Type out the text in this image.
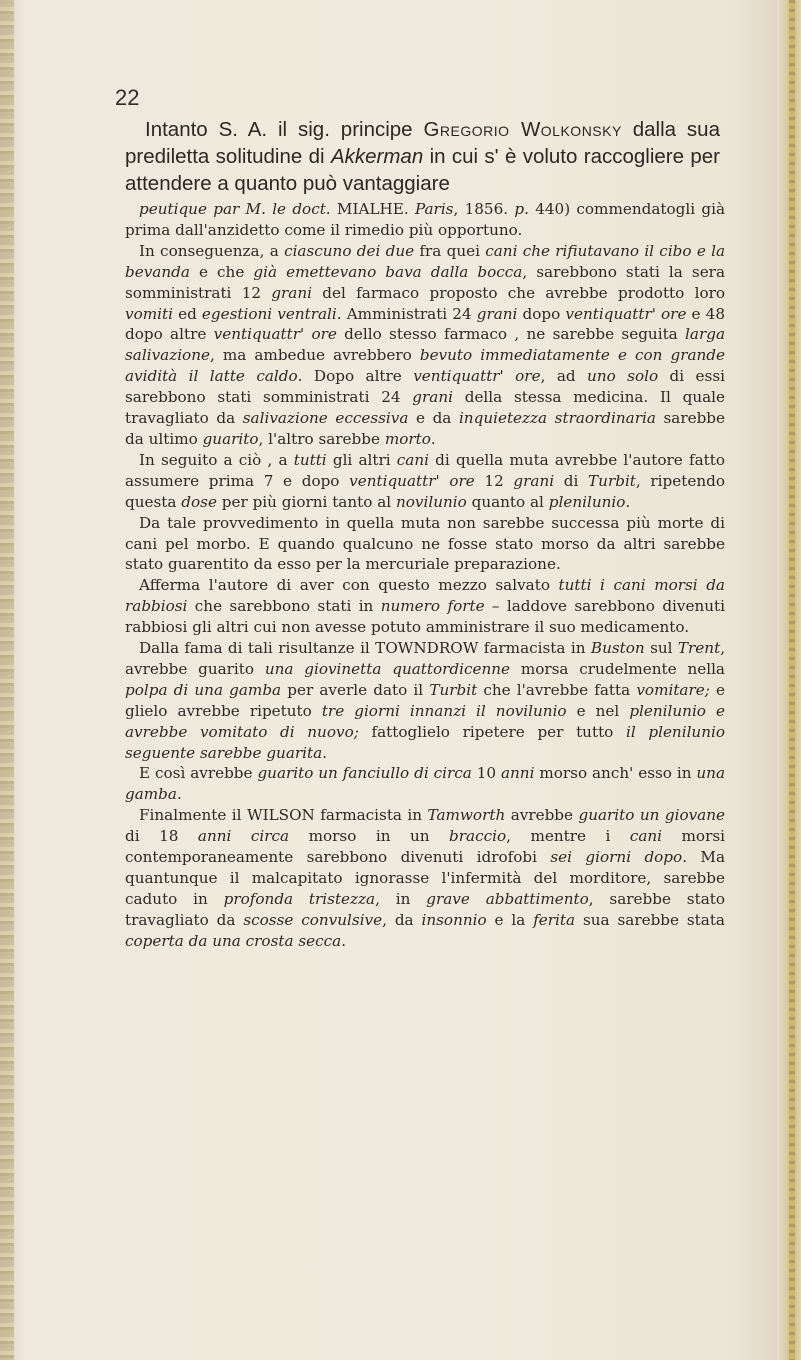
22

Intanto S. A. il sig. principe Gregorio Wolkonsky dalla sua prediletta solitudine di Akkerman in cui s' è voluto raccogliere per attendere a quanto può vantaggiare

peutique par M. le doct. MIALHE. Paris, 1856. p. 440) commendatogli già prima dall'anzidetto come il rimedio più opportuno.

In conseguenza, a ciascuno dei due fra quei cani che rifiutavano il cibo e la bevanda e che già emettevano bava dalla bocca, sarebbono stati la sera somministrati 12 grani del farmaco proposto che avrebbe prodotto loro vomiti ed egestioni ventrali. Amministrati 24 grani dopo ventiquattr' ore e 48 dopo altre ventiquattr' ore dello stesso farmaco , ne sarebbe seguita larga salivazione, ma ambedue avrebbero bevuto immediatamente e con grande avidità il latte caldo. Dopo altre ventiquattr' ore, ad uno solo di essi sarebbono stati somministrati 24 grani della stessa medicina. Il quale travagliato da salivazione eccessiva e da inquietezza straordinaria sarebbe da ultimo guarito, l'altro sarebbe morto.

In seguito a ciò , a tutti gli altri cani di quella muta avrebbe l'autore fatto assumere prima 7 e dopo ventiquattr' ore 12 grani di Turbit, ripetendo questa dose per più giorni tanto al novilunio quanto al plenilunio.

Da tale provvedimento in quella muta non sarebbe successa più morte di cani pel morbo. E quando qualcuno ne fosse stato morso da altri sarebbe stato guarentito da esso per la mercuriale preparazione.

Afferma l'autore di aver con questo mezzo salvato tutti i cani morsi da rabbiosi che sarebbono stati in numero forte – laddove sarebbono divenuti rabbiosi gli altri cui non avesse potuto amministrare il suo medicamento.

Dalla fama di tali risultanze il TOWNDROW farmacista in Buston sul Trent, avrebbe guarito una giovinetta quattordicenne morsa crudelmente nella polpa di una gamba per averle dato il Turbit che l'avrebbe fatta vomitare; e glielo avrebbe ripetuto tre giorni innanzi il novilunio e nel plenilunio e avrebbe vomitato di nuovo; fattoglielo ripetere per tutto il plenilunio seguente sarebbe guarita.

E così avrebbe guarito un fanciullo di circa 10 anni morso anch' esso in una gamba.

Finalmente il WILSON farmacista in Tamworth avrebbe guarito un giovane di 18 anni circa morso in un braccio, mentre i cani morsi contemporaneamente sarebbono divenuti idrofobi sei giorni dopo. Ma quantunque il malcapitato ignorasse l'infermità del morditore, sarebbe caduto in profonda tristezza, in grave abbattimento, sarebbe stato travagliato da scosse convulsive, da insonnio e la ferita sua sarebbe stata coperta da una crosta secca.
